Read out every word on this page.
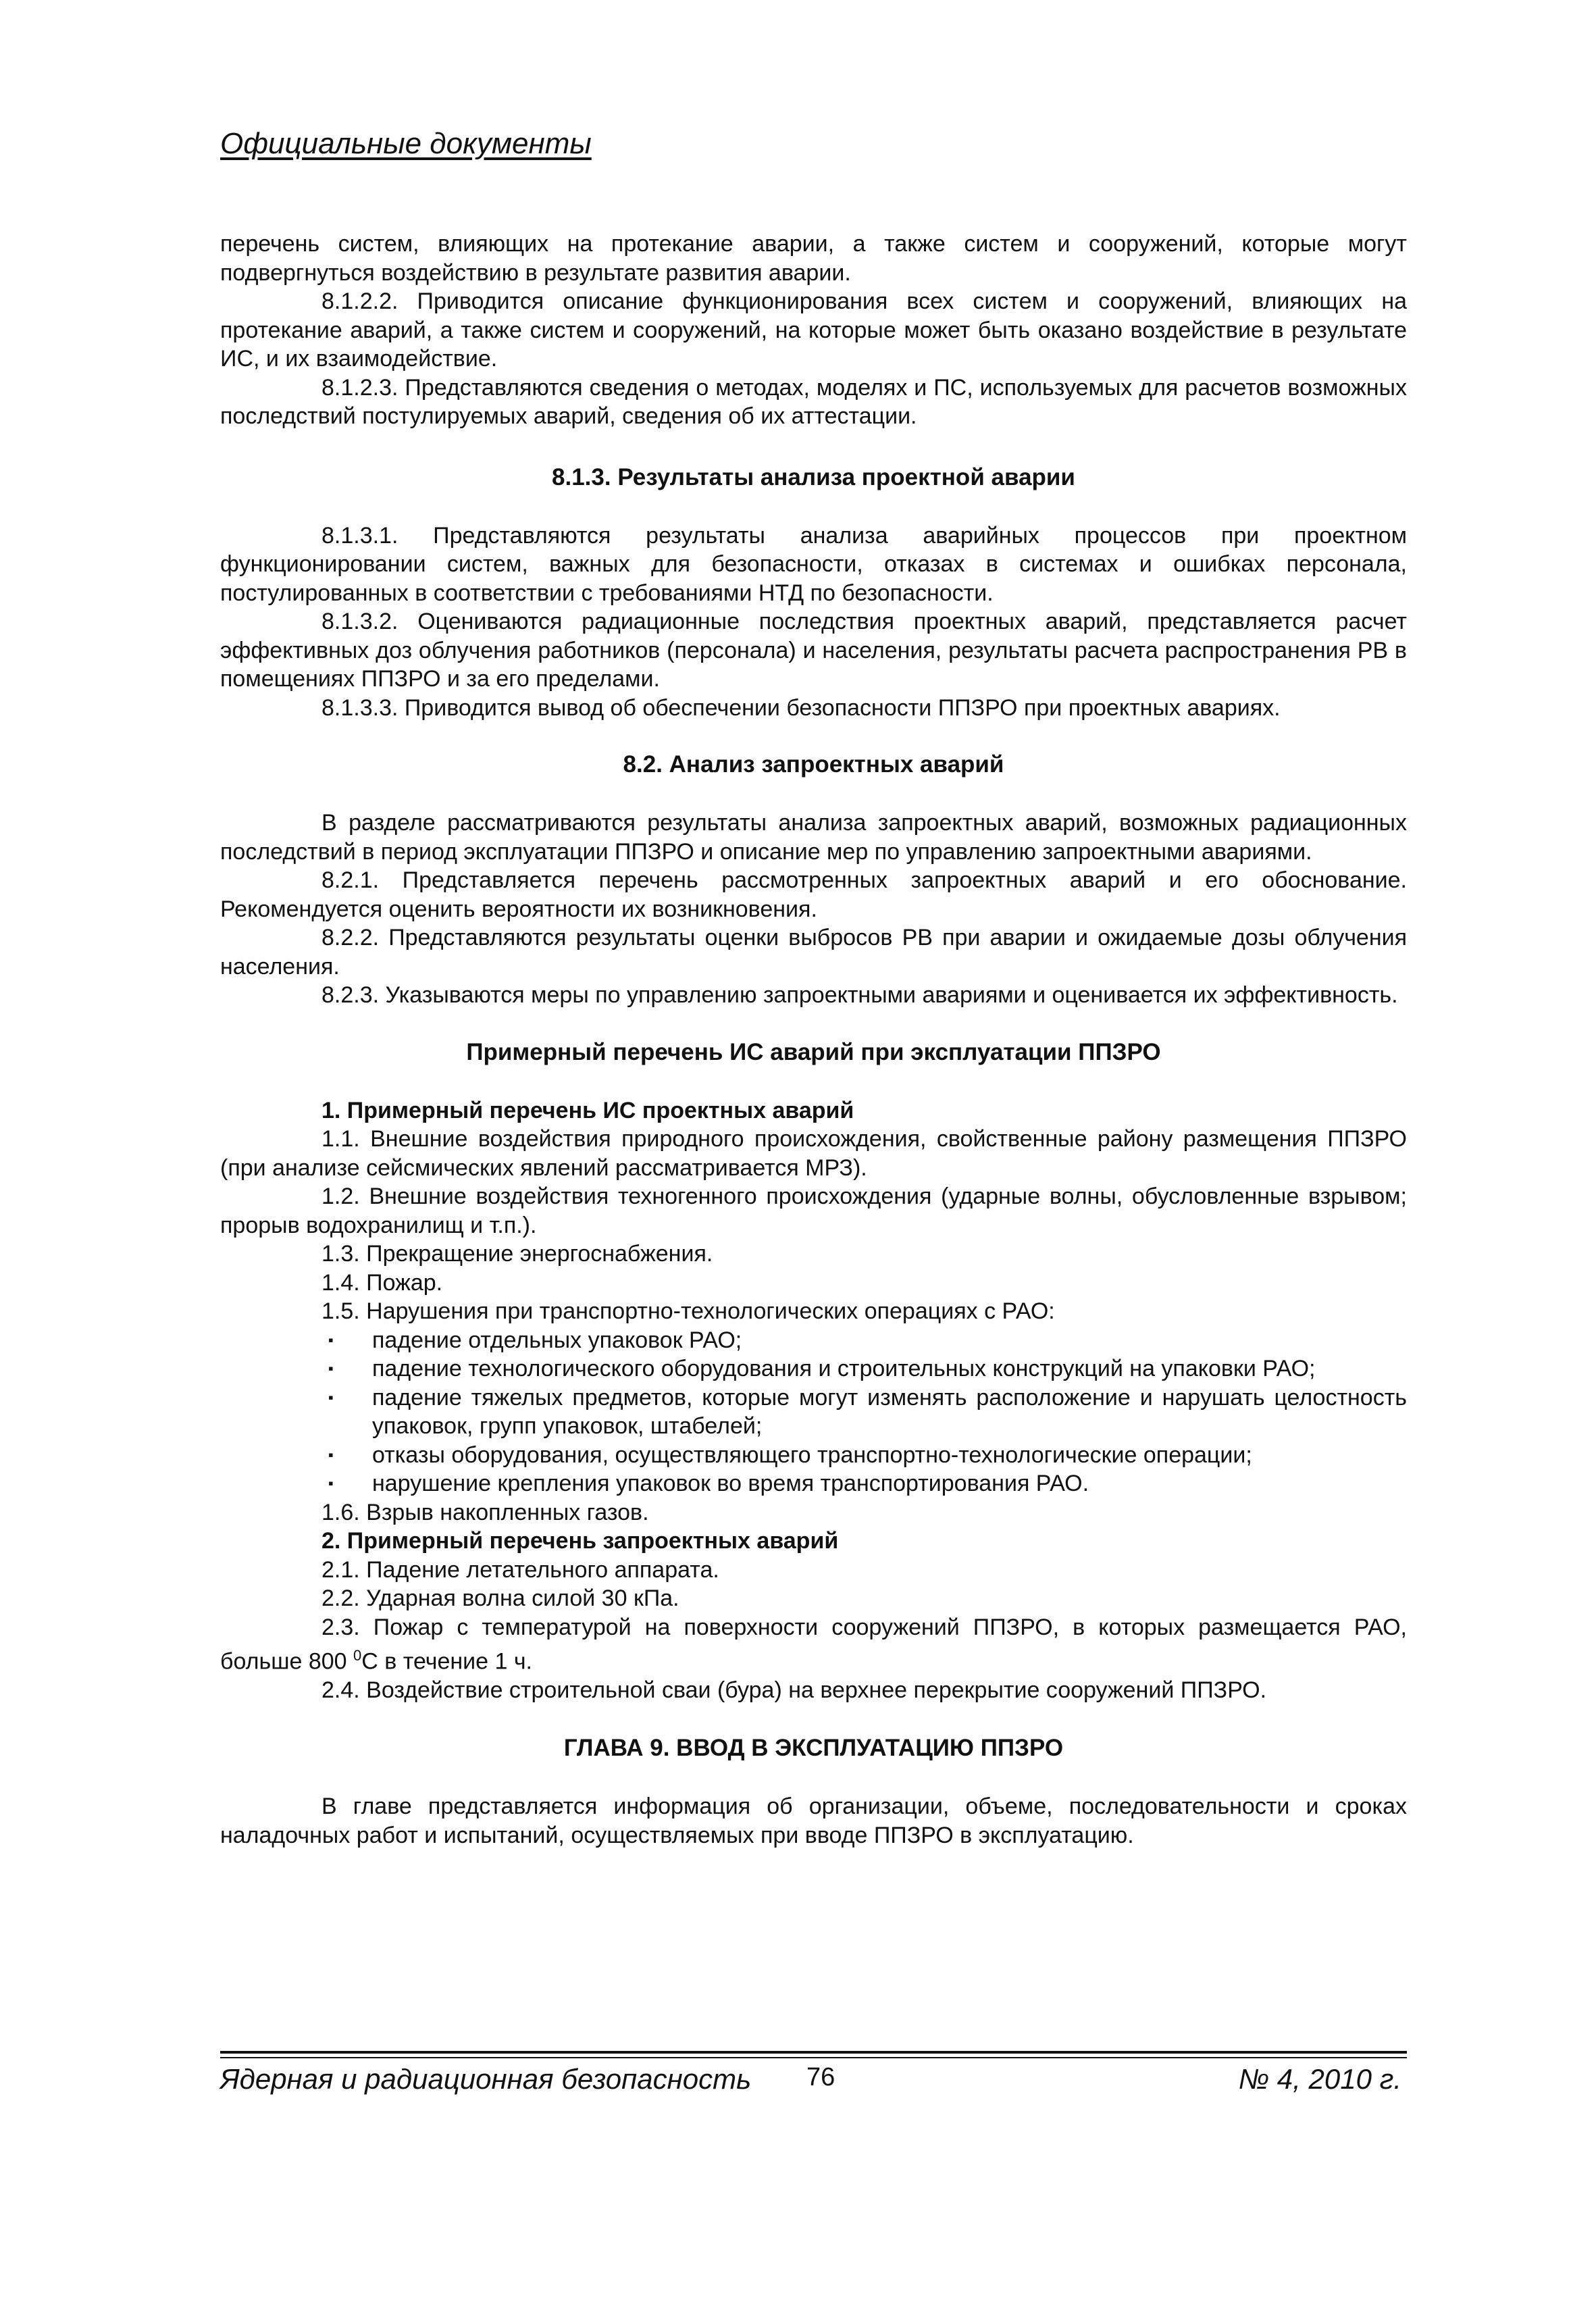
Официальные документы

перечень систем, влияющих на протекание аварии, а также систем и сооружений, которые могут подвергнуться воздействию в результате развития аварии.

8.1.2.2. Приводится описание функционирования всех систем и сооружений, влияющих на протекание аварий, а также систем и сооружений, на которые может быть оказано воздействие в результате ИС, и их взаимодействие.

8.1.2.3. Представляются сведения о методах, моделях и ПС, используемых для расчетов возможных последствий постулируемых аварий, сведения об их аттестации.

8.1.3. Результаты анализа проектной аварии

8.1.3.1. Представляются результаты анализа аварийных процессов при проектном функционировании систем, важных для безопасности, отказах в системах и ошибках персонала, постулированных в соответствии с требованиями НТД по безопасности.

8.1.3.2. Оцениваются радиационные последствия проектных аварий, представляется расчет эффективных доз облучения работников (персонала) и населения, результаты расчета распространения РВ в помещениях ППЗРО и за его пределами.

8.1.3.3. Приводится вывод об обеспечении безопасности ППЗРО при проектных авариях.

8.2. Анализ запроектных аварий

В разделе рассматриваются результаты анализа запроектных аварий, возможных радиационных последствий в период эксплуатации ППЗРО и описание мер по управлению запроектными авариями.

8.2.1. Представляется перечень рассмотренных запроектных аварий и его обоснование. Рекомендуется оценить вероятности их возникновения.

8.2.2. Представляются результаты оценки выбросов РВ при аварии и ожидаемые дозы облучения населения.

8.2.3. Указываются меры по управлению запроектными авариями и оценивается их эффективность.

Примерный перечень ИС аварий при эксплуатации ППЗРО

1. Примерный перечень ИС проектных аварий

1.1. Внешние воздействия природного происхождения, свойственные району размещения ППЗРО (при анализе сейсмических явлений рассматривается МРЗ).

1.2. Внешние воздействия техногенного происхождения (ударные волны, обусловленные взрывом; прорыв водохранилищ и т.п.).

1.3. Прекращение энергоснабжения.

1.4. Пожар.

1.5. Нарушения при транспортно-технологических операциях с РАО:

▪ падение отдельных упаковок РАО;
▪ падение технологического оборудования и строительных конструкций на упаковки РАО;
▪ падение тяжелых предметов, которые могут изменять расположение и нарушать целостность упаковок, групп упаковок, штабелей;
▪ отказы оборудования, осуществляющего транспортно-технологические операции;
▪ нарушение крепления упаковок во время транспортирования РАО.

1.6. Взрыв накопленных газов.

2. Примерный перечень запроектных аварий

2.1. Падение летательного аппарата.

2.2. Ударная волна силой 30 кПа.

2.3. Пожар с температурой на поверхности сооружений ППЗРО, в которых размещается РАО, больше 800 $^0$С в течение 1 ч.

2.4. Воздействие строительной сваи (бура) на верхнее перекрытие сооружений ППЗРО.

ГЛАВА 9. ВВОД В ЭКСПЛУАТАЦИЮ ППЗРО

В главе представляется информация об организации, объеме, последовательности и сроках наладочных работ и испытаний, осуществляемых при вводе ППЗРО в эксплуатацию.

Ядерная и радиационная безопасность 76	№ 4, 2010 г.
